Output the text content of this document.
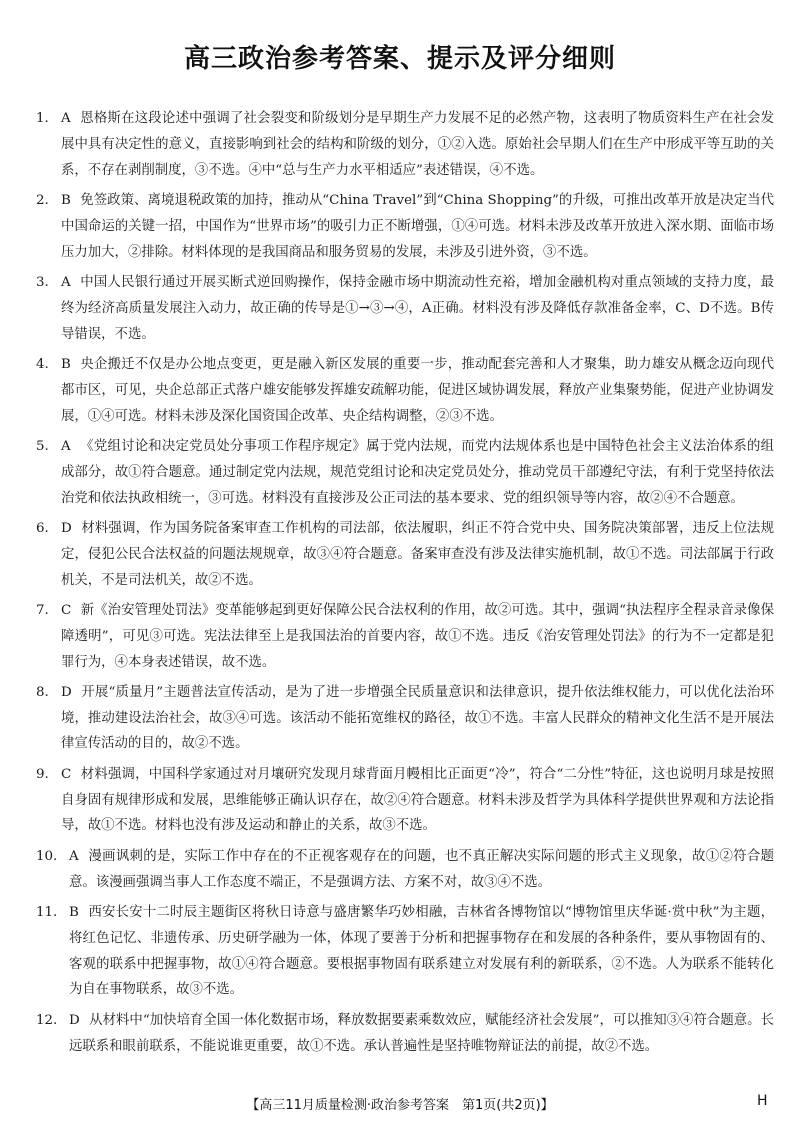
高三政治参考答案、提示及评分细则
1. A 恩格斯在这段论述中强调了社会裂变和阶级划分是早期生产力发展不足的必然产物，这表明了物质资料生产在社会发展中具有决定性的意义，直接影响到社会的结构和阶级的划分，①②入选。原始社会早期人们在生产中形成平等互助的关系，不存在剥削制度，③不选。④中“总与生产力水平相适应”表述错误，④不选。
2. B 免签政策、离境退税政策的加持，推动从“China Travel”到“China Shopping”的升级，可推出改革开放是决定当代中国命运的关键一招，中国作为“世界市场”的吸引力正不断增强，①④可选。材料未涉及改革开放进入深水期、面临市场压力加大，②排除。材料体现的是我国商品和服务贸易的发展，未涉及引进外资，③不选。
3. A 中国人民银行通过开展买断式逆回购操作，保持金融市场中期流动性充裕，增加金融机构对重点领域的支持力度，最终为经济高质量发展注入动力，故正确的传导是①→③→④，A正确。材料没有涉及降低存款准备金率，C、D不选。B传导错误，不选。
4. B 央企搬迁不仅是办公地点变更，更是融入新区发展的重要一步，推动配套完善和人才聚集，助力雄安从概念迈向现代都市区，可见，央企总部正式落户雄安能够发挥雄安疏解功能，促进区域协调发展，释放产业集聚势能，促进产业协调发展，①④可选。材料未涉及深化国资国企改革、央企结构调整，②③不选。
5. A 《党组讨论和决定党员处分事项工作程序规定》属于党内法规，而党内法规体系也是中国特色社会主义法治体系的组成部分，故①符合题意。通过制定党内法规，规范党组讨论和决定党员处分，推动党员干部遵纪守法，有利于党坚持依法治党和依法执政相统一，③可选。材料没有直接涉及公正司法的基本要求、党的组织领导等内容，故②④不合题意。
6. D 材料强调，作为国务院备案审查工作机构的司法部，依法履职，纠正不符合党中央、国务院决策部署，违反上位法规定，侵犯公民合法权益的问题法规规章，故③④符合题意。备案审查没有涉及法律实施机制，故①不选。司法部属于行政机关，不是司法机关，故②不选。
7. C 新《治安管理处罚法》变革能够起到更好保障公民合法权利的作用，故②可选。其中，强调“执法程序全程录音录像保障透明”，可见③可选。宪法法律至上是我国法治的首要内容，故①不选。违反《治安管理处罚法》的行为不一定都是犯罪行为，④本身表述错误，故不选。
8. D 开展“质量月”主题普法宣传活动，是为了进一步增强全民质量意识和法律意识，提升依法维权能力，可以优化法治环境，推动建设法治社会，故③④可选。该活动不能拓宽维权的路径，故①不选。丰富人民群众的精神文化生活不是开展法律宣传活动的目的，故②不选。
9. C 材料强调，中国科学家通过对月壤研究发现月球背面月幔相比正面更“冷”，符合“二分性”特征，这也说明月球是按照自身固有规律形成和发展，思维能够正确认识存在，故②④符合题意。材料未涉及哲学为具体科学提供世界观和方法论指导，故①不选。材料也没有涉及运动和静止的关系，故③不选。
10. A 漫画讽刺的是，实际工作中存在的不正视客观存在的问题，也不真正解决实际问题的形式主义现象，故①②符合题意。该漫画强调当事人工作态度不端正，不是强调方法、方案不对，故③④不选。
11. B 西安长安十二时辰主题街区将秋日诗意与盛唐繁华巧妙相融，吉林省各博物馆以“博物馆里庆华诞·赏中秋”为主题，将红色记忆、非遗传承、历史研学融为一体，体现了要善于分析和把握事物存在和发展的各种条件，要从事物固有的、客观的联系中把握事物，故①④符合题意。要根据事物固有联系建立对发展有利的新联系，②不选。人为联系不能转化为自在事物联系，故③不选。
12. D 从材料中“加快培育全国一体化数据市场，释放数据要素乘数效应，赋能经济社会发展”，可以推知③④符合题意。长远联系和眼前联系，不能说谁更重要，故①不选。承认普遍性是坚持唯物辩证法的前提，故②不选。
【高三11月质量检测·政治参考答案　第1页(共2页)】	H
